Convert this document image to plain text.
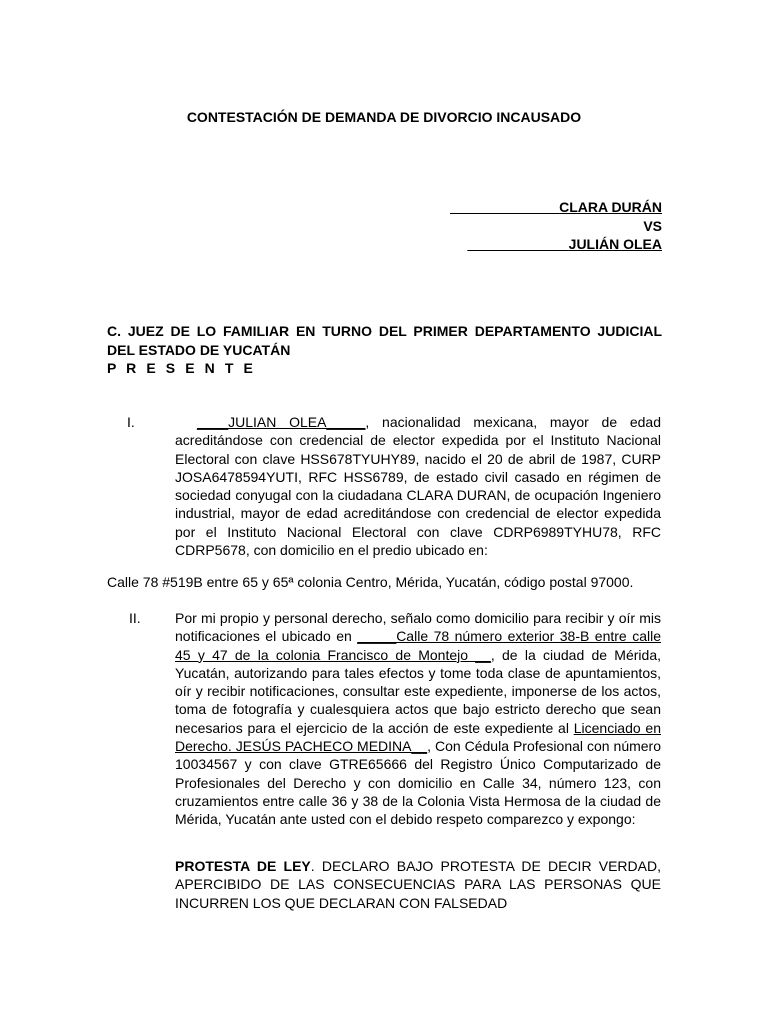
CONTESTACIÓN DE DEMANDA DE DIVORCIO INCAUSADO
______________CLARA DURÁN
VS
_____________JULIÁN OLEA
C. JUEZ DE LO FAMILIAR EN TURNO DEL PRIMER DEPARTAMENTO JUDICIAL DEL ESTADO DE YUCATÁN
P R E S E N T E
I.	____JULIAN OLEA_____, nacionalidad mexicana, mayor de edad acreditándose con credencial de elector expedida por el Instituto Nacional Electoral con clave HSS678TYUHY89, nacido el 20 de abril de 1987, CURP JOSA6478594YUTI, RFC HSS6789, de estado civil casado en régimen de sociedad conyugal con la ciudadana CLARA DURAN, de ocupación Ingeniero industrial, mayor de edad acreditándose con credencial de elector expedida por el Instituto Nacional Electoral con clave CDRP6989TYHU78, RFC CDRP5678, con domicilio en el predio ubicado en:
Calle 78 #519B entre 65 y 65ª colonia Centro, Mérida, Yucatán, código postal 97000.
II. Por mi propio y personal derecho, señalo como domicilio para recibir y oír mis notificaciones el ubicado en _____Calle 78 número exterior 38-B entre calle 45 y 47 de la colonia Francisco de Montejo __, de la ciudad de Mérida, Yucatán, autorizando para tales efectos y tome toda clase de apuntamientos, oír y recibir notificaciones, consultar este expediente, imponerse de los actos, toma de fotografía y cualesquiera actos que bajo estricto derecho que sean necesarios para el ejercicio de la acción de este expediente al Licenciado en Derecho. JESÚS PACHECO MEDINA__, Con Cédula Profesional con número 10034567 y con clave GTRE65666 del Registro Único Computarizado de Profesionales del Derecho y con domicilio en Calle 34, número 123, con cruzamientos entre calle 36 y 38 de la Colonia Vista Hermosa de la ciudad de Mérida, Yucatán ante usted con el debido respeto comparezco y expongo:
PROTESTA DE LEY. DECLARO BAJO PROTESTA DE DECIR VERDAD, APERCIBIDO DE LAS CONSECUENCIAS PARA LAS PERSONAS QUE INCURREN LOS QUE DECLARAN CON FALSEDAD
